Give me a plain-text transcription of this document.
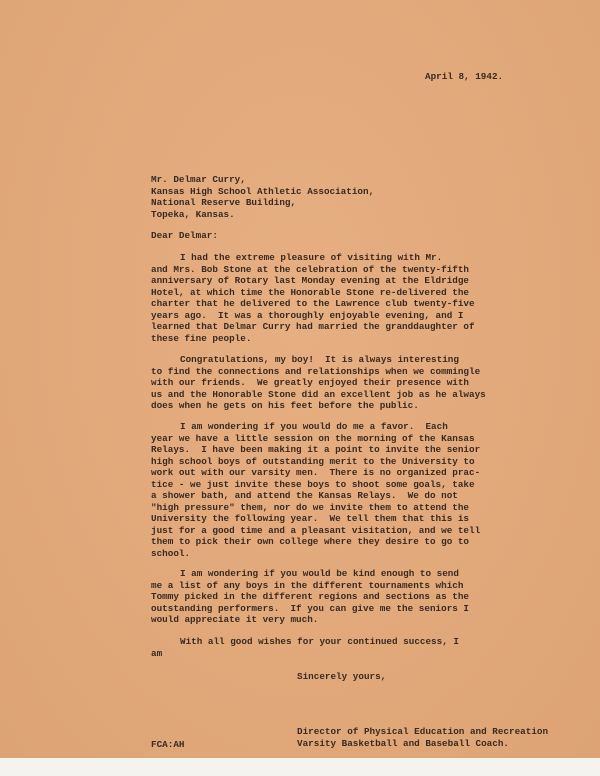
April 8, 1942.
Mr. Delmar Curry,
Kansas High School Athletic Association,
National Reserve Building,
Topeka, Kansas.
Dear Delmar:
I had the extreme pleasure of visiting with Mr.
and Mrs. Bob Stone at the celebration of the twenty-fifth
anniversary of Rotary last Monday evening at the Eldridge
Hotel, at which time the Honorable Stone re-delivered the
charter that he delivered to the Lawrence club twenty-five
years ago.  It was a thoroughly enjoyable evening, and I
learned that Delmar Curry had married the granddaughter of
these fine people.
Congratulations, my boy!  It is always interesting
to find the connections and relationships when we commingle
with our friends.  We greatly enjoyed their presence with
us and the Honorable Stone did an excellent job as he always
does when he gets on his feet before the public.
I am wondering if you would do me a favor.  Each
year we have a little session on the morning of the Kansas
Relays.  I have been making it a point to invite the senior
high school boys of outstanding merit to the University to
work out with our varsity men.  There is no organized prac-
tice - we just invite these boys to shoot some goals, take
a shower bath, and attend the Kansas Relays.  We do not
"high pressure" them, nor do we invite them to attend the
University the following year.  We tell them that this is
just for a good time and a pleasant visitation, and we tell
them to pick their own college where they desire to go to
school.
I am wondering if you would be kind enough to send
me a list of any boys in the different tournaments which
Tommy picked in the different regions and sections as the
outstanding performers.  If you can give me the seniors I
would appreciate it very much.
With all good wishes for your continued success, I
am
Sincerely yours,
Director of Physical Education and Recreation
Varsity Basketball and Baseball Coach.
FCA:AH
